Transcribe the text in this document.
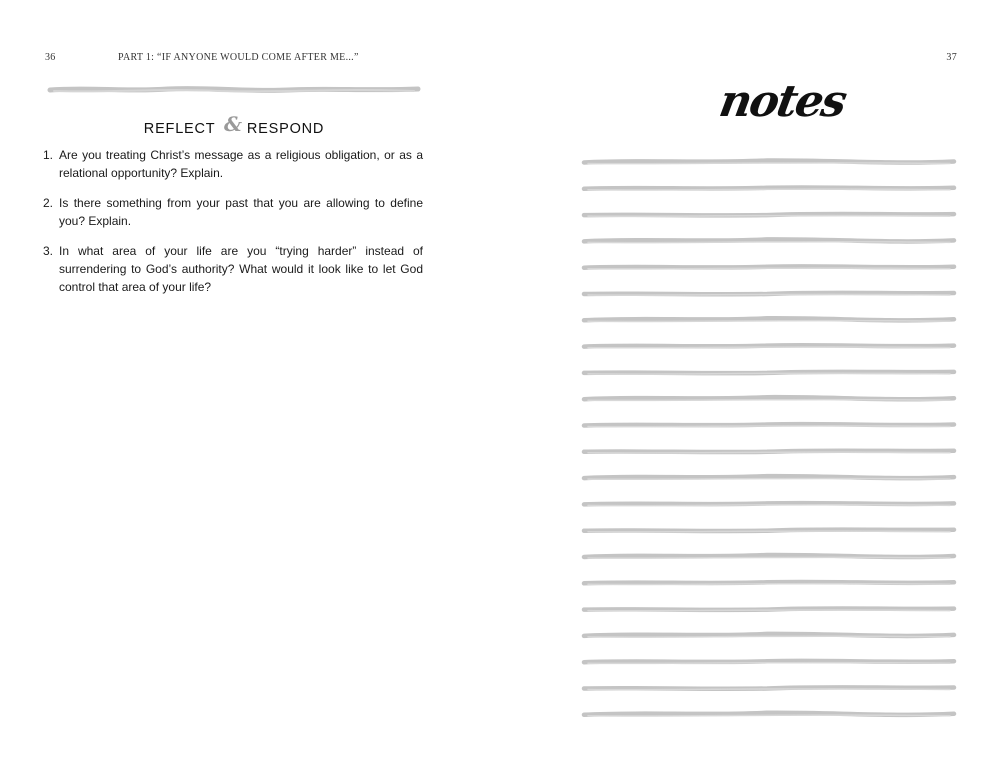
36	PART 1: “IF ANYONE WOULD COME AFTER ME...”
REFLECT & RESPOND
1. Are you treating Christ’s message as a religious obligation, or as a relational opportunity? Explain.
2. Is there something from your past that you are allowing to define you? Explain.
3. In what area of your life are you “trying harder” instead of surrendering to God’s authority? What would it look like to let God control that area of your life?
37
notes
